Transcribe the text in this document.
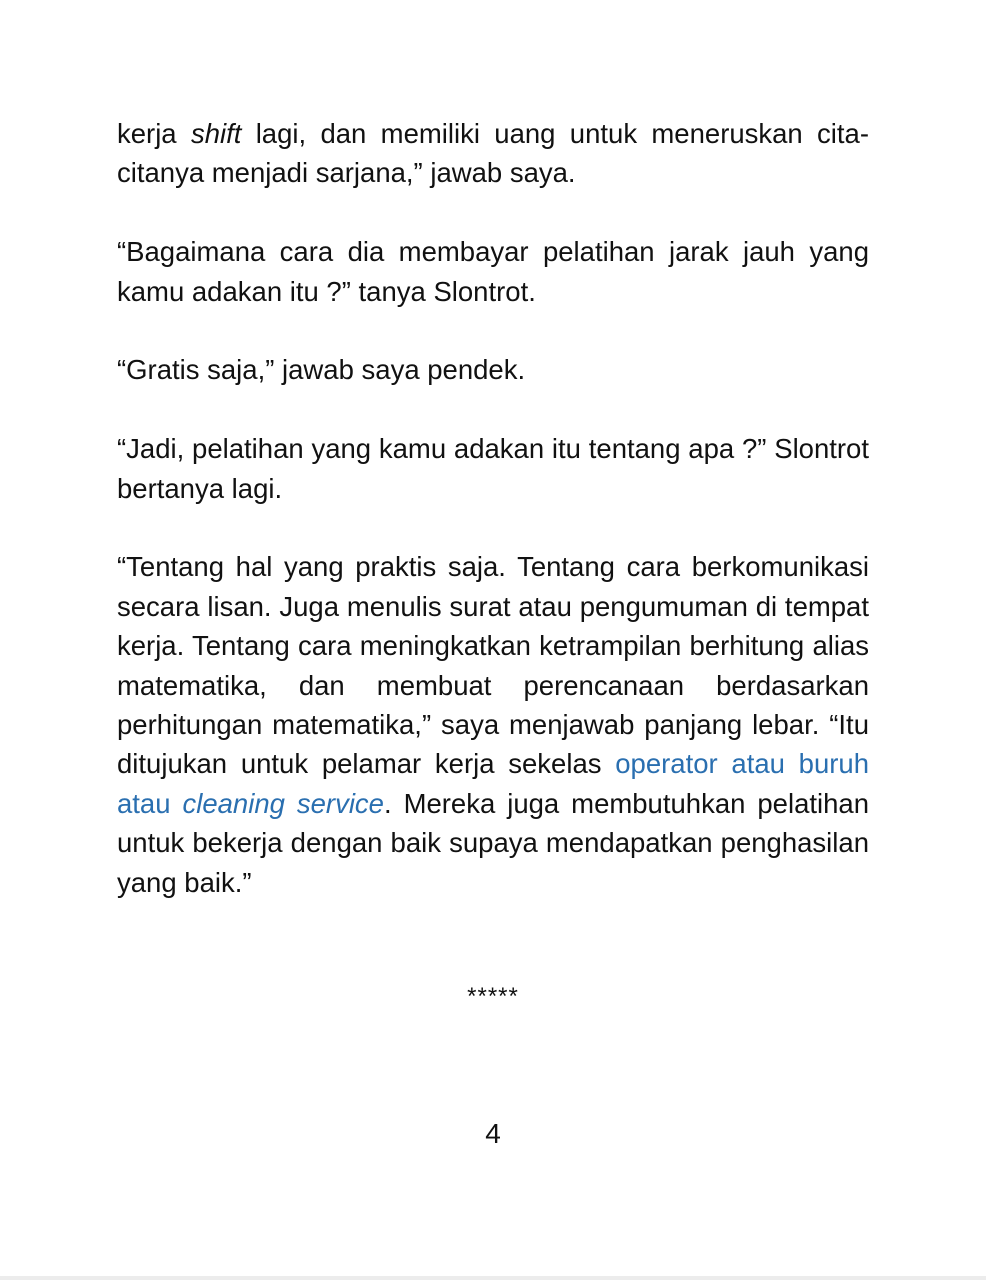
kerja shift lagi, dan memiliki uang untuk meneruskan cita-citanya menjadi sarjana,” jawab saya.

“Bagaimana cara dia membayar pelatihan jarak jauh yang kamu adakan itu ?” tanya Slontrot.

“Gratis saja,” jawab saya pendek.

“Jadi, pelatihan yang kamu adakan itu tentang apa ?” Slontrot bertanya lagi.

“Tentang hal yang praktis saja. Tentang cara berkomunikasi secara lisan. Juga menulis surat atau pengumuman di tempat kerja. Tentang cara meningkatkan ketrampilan berhitung alias matematika, dan membuat perencanaan berdasarkan perhitungan matematika,” saya menjawab panjang lebar. “Itu ditujukan untuk pelamar kerja sekelas operator atau buruh atau cleaning service. Mereka juga membutuhkan pelatihan untuk bekerja dengan baik supaya mendapatkan penghasilan yang baik.”

*****
4
